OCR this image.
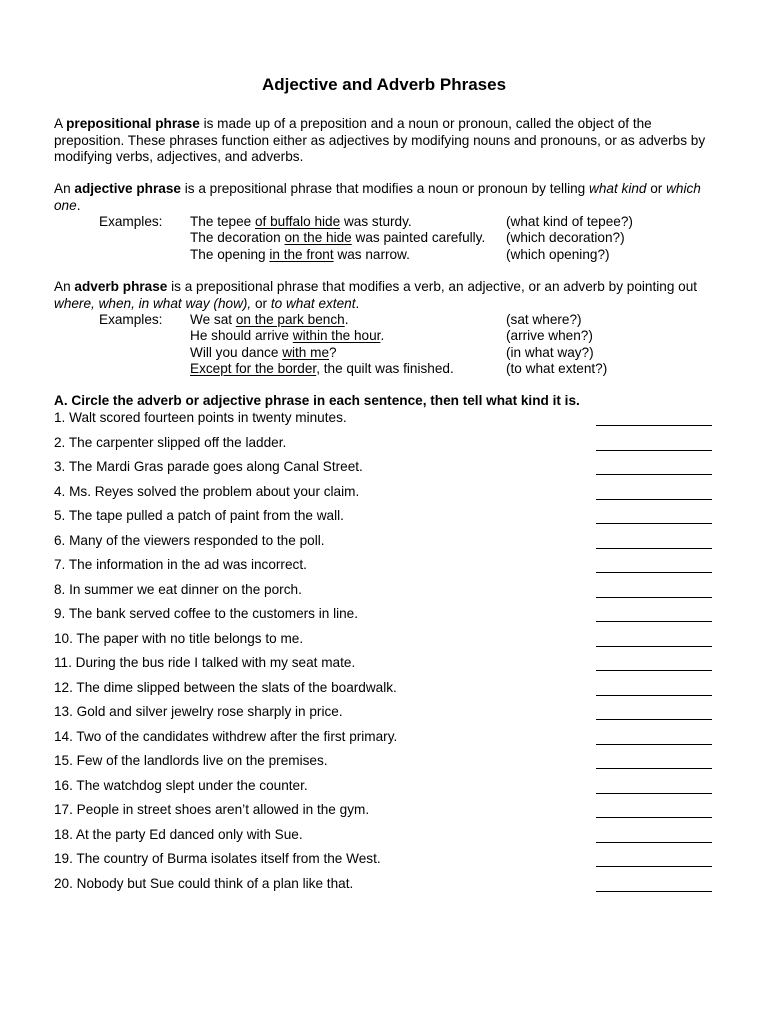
Adjective and Adverb Phrases
A prepositional phrase is made up of a preposition and a noun or pronoun, called the object of the preposition. These phrases function either as adjectives by modifying nouns and pronouns, or as adverbs by modifying verbs, adjectives, and adverbs.
An adjective phrase is a prepositional phrase that modifies a noun or pronoun by telling what kind or which one.
Examples: The tepee of buffalo hide was sturdy.	(what kind of tepee?)
The decoration on the hide was painted carefully. (which decoration?)
The opening in the front was narrow.	(which opening?)
An adverb phrase is a prepositional phrase that modifies a verb, an adjective, or an adverb by pointing out where, when, in what way (how), or to what extent.
Examples: We sat on the park bench.	(sat where?)
He should arrive within the hour.	(arrive when?)
Will you dance with me?	(in what way?)
Except for the border, the quilt was finished.	(to what extent?)
A. Circle the adverb or adjective phrase in each sentence, then tell what kind it is.
1. Walt scored fourteen points in twenty minutes.
2. The carpenter slipped off the ladder.
3. The Mardi Gras parade goes along Canal Street.
4. Ms. Reyes solved the problem about your claim.
5. The tape pulled a patch of paint from the wall.
6. Many of the viewers responded to the poll.
7. The information in the ad was incorrect.
8. In summer we eat dinner on the porch.
9. The bank served coffee to the customers in line.
10. The paper with no title belongs to me.
11. During the bus ride I talked with my seat mate.
12. The dime slipped between the slats of the boardwalk.
13. Gold and silver jewelry rose sharply in price.
14. Two of the candidates withdrew after the first primary.
15. Few of the landlords live on the premises.
16. The watchdog slept under the counter.
17. People in street shoes aren’t allowed in the gym.
18. At the party Ed danced only with Sue.
19. The country of Burma isolates itself from the West.
20. Nobody but Sue could think of a plan like that.
